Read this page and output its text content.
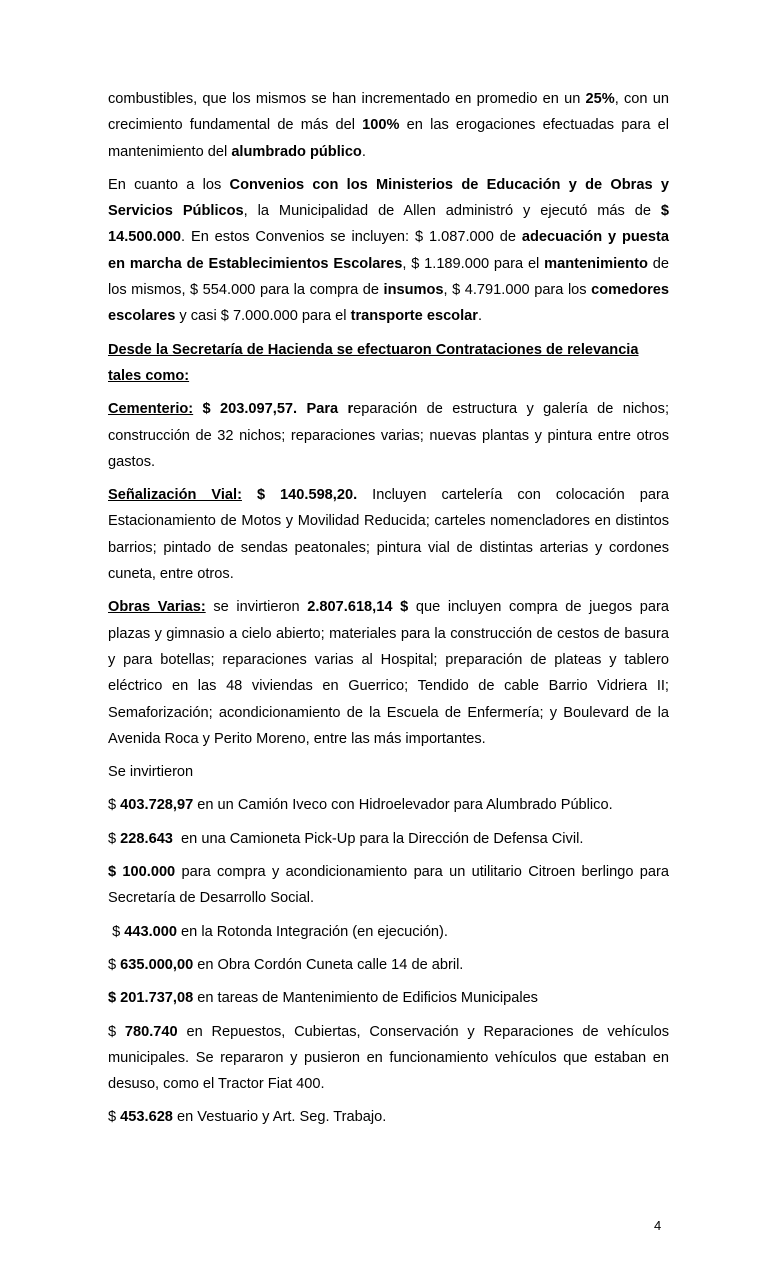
combustibles, que los mismos se han incrementado en promedio en un 25%, con un crecimiento fundamental de más del 100% en las erogaciones efectuadas para el mantenimiento del alumbrado público.

En cuanto a los Convenios con los Ministerios de Educación y de Obras y Servicios Públicos, la Municipalidad de Allen administró y ejecutó más de $ 14.500.000. En estos Convenios se incluyen: $ 1.087.000 de adecuación y puesta en marcha de Establecimientos Escolares, $ 1.189.000 para el mantenimiento de los mismos, $ 554.000 para la compra de insumos, $ 4.791.000 para los comedores escolares y casi $ 7.000.000 para el transporte escolar.

Desde la Secretaría de Hacienda se efectuaron Contrataciones de relevancia tales como:

Cementerio: $ 203.097,57. Para reparación de estructura y galería de nichos; construcción de 32 nichos; reparaciones varias; nuevas plantas y pintura entre otros gastos.

Señalización Vial: $ 140.598,20. Incluyen cartelería con colocación para Estacionamiento de Motos y Movilidad Reducida; carteles nomencladores en distintos barrios; pintado de sendas peatonales; pintura vial de distintas arterias y cordones cuneta, entre otros.

Obras Varias: se invirtieron 2.807.618,14 $ que incluyen compra de juegos para plazas y gimnasio a cielo abierto; materiales para la construcción de cestos de basura y para botellas; reparaciones varias al Hospital; preparación de plateas y tablero eléctrico en las 48 viviendas en Guerrico; Tendido de cable Barrio Vidriera II; Semaforización; acondicionamiento de la Escuela de Enfermería; y Boulevard de la Avenida Roca y Perito Moreno, entre las más importantes.

Se invirtieron

$ 403.728,97 en un Camión Iveco con Hidroelevador para Alumbrado Público.

$ 228.643  en una Camioneta Pick-Up para la Dirección de Defensa Civil.

$ 100.000 para compra y acondicionamiento para un utilitario Citroen berlingo para Secretaría de Desarrollo Social.

$ 443.000 en la Rotonda Integración (en ejecución).

$ 635.000,00 en Obra Cordón Cuneta calle 14 de abril.

$ 201.737,08 en tareas de Mantenimiento de Edificios Municipales

$ 780.740 en Repuestos, Cubiertas, Conservación y Reparaciones de vehículos municipales. Se repararon y pusieron en funcionamiento vehículos que estaban en desuso, como el Tractor Fiat 400.

$ 453.628 en Vestuario y Art. Seg. Trabajo.

4
